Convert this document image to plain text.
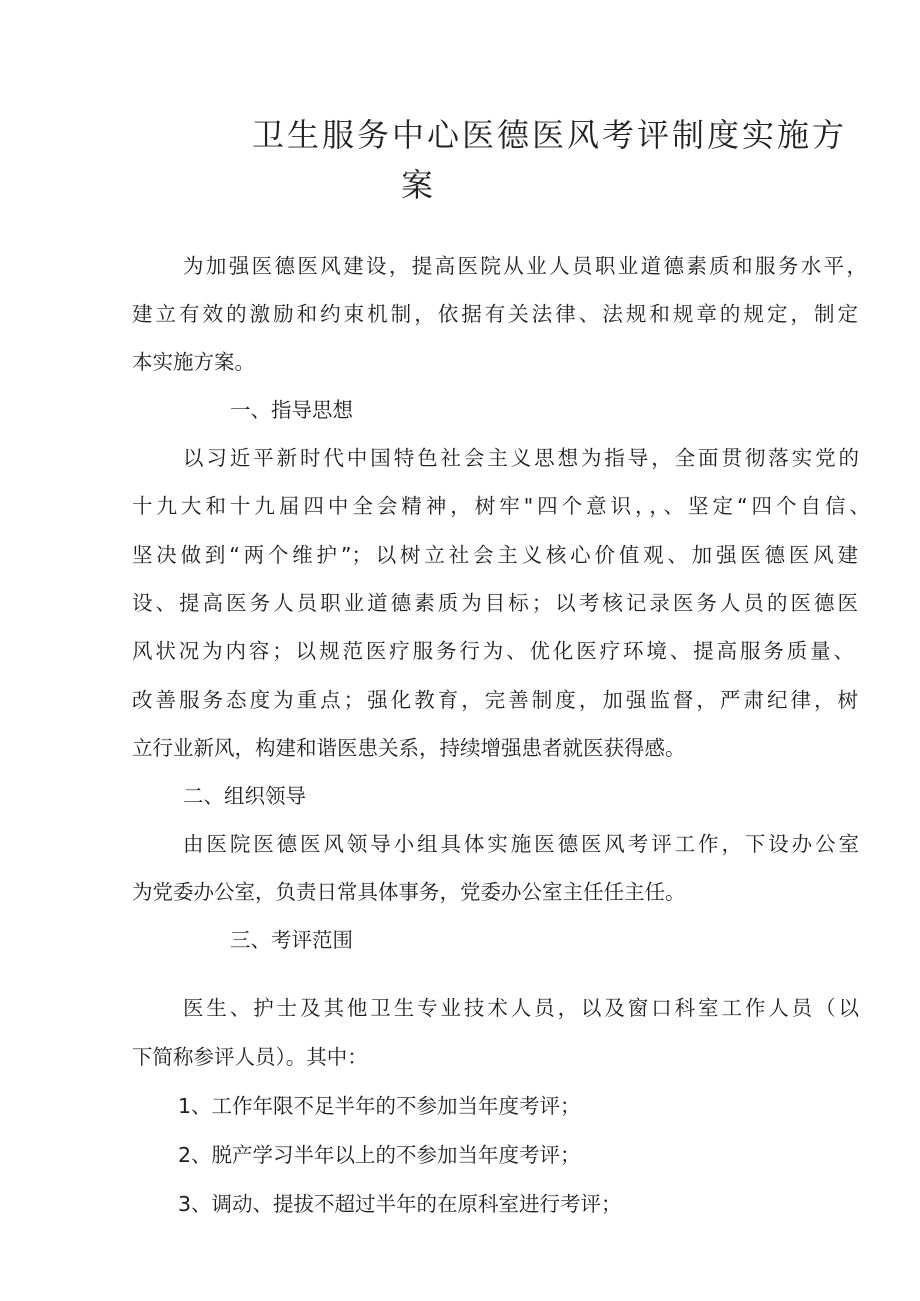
卫生服务中心医德医风考评制度实施方
案
为加强医德医风建设，提高医院从业人员职业道德素质和服务水平，
建立有效的激励和约束机制，依据有关法律、法规和规章的规定，制定
本实施方案。
一、指导思想
以习近平新时代中国特色社会主义思想为指导，全面贯彻落实党的
十九大和十九届四中全会精神，树牢"四个意识，，、坚定“四个自信、
坚决做到“两个维护”；以树立社会主义核心价值观、加强医德医风建
设、提高医务人员职业道德素质为目标；以考核记录医务人员的医德医
风状况为内容；以规范医疗服务行为、优化医疗环境、提高服务质量、
改善服务态度为重点；强化教育，完善制度，加强监督，严肃纪律，树
立行业新风，构建和谐医患关系，持续增强患者就医获得感。
二、组织领导
由医院医德医风领导小组具体实施医德医风考评工作，下设办公室
为党委办公室，负责日常具体事务，党委办公室主任任主任。
三、考评范围
医生、护士及其他卫生专业技术人员，以及窗口科室工作人员（以
下简称参评人员）。其中：
1、工作年限不足半年的不参加当年度考评；
2、脱产学习半年以上的不参加当年度考评；
3、调动、提拔不超过半年的在原科室进行考评；
